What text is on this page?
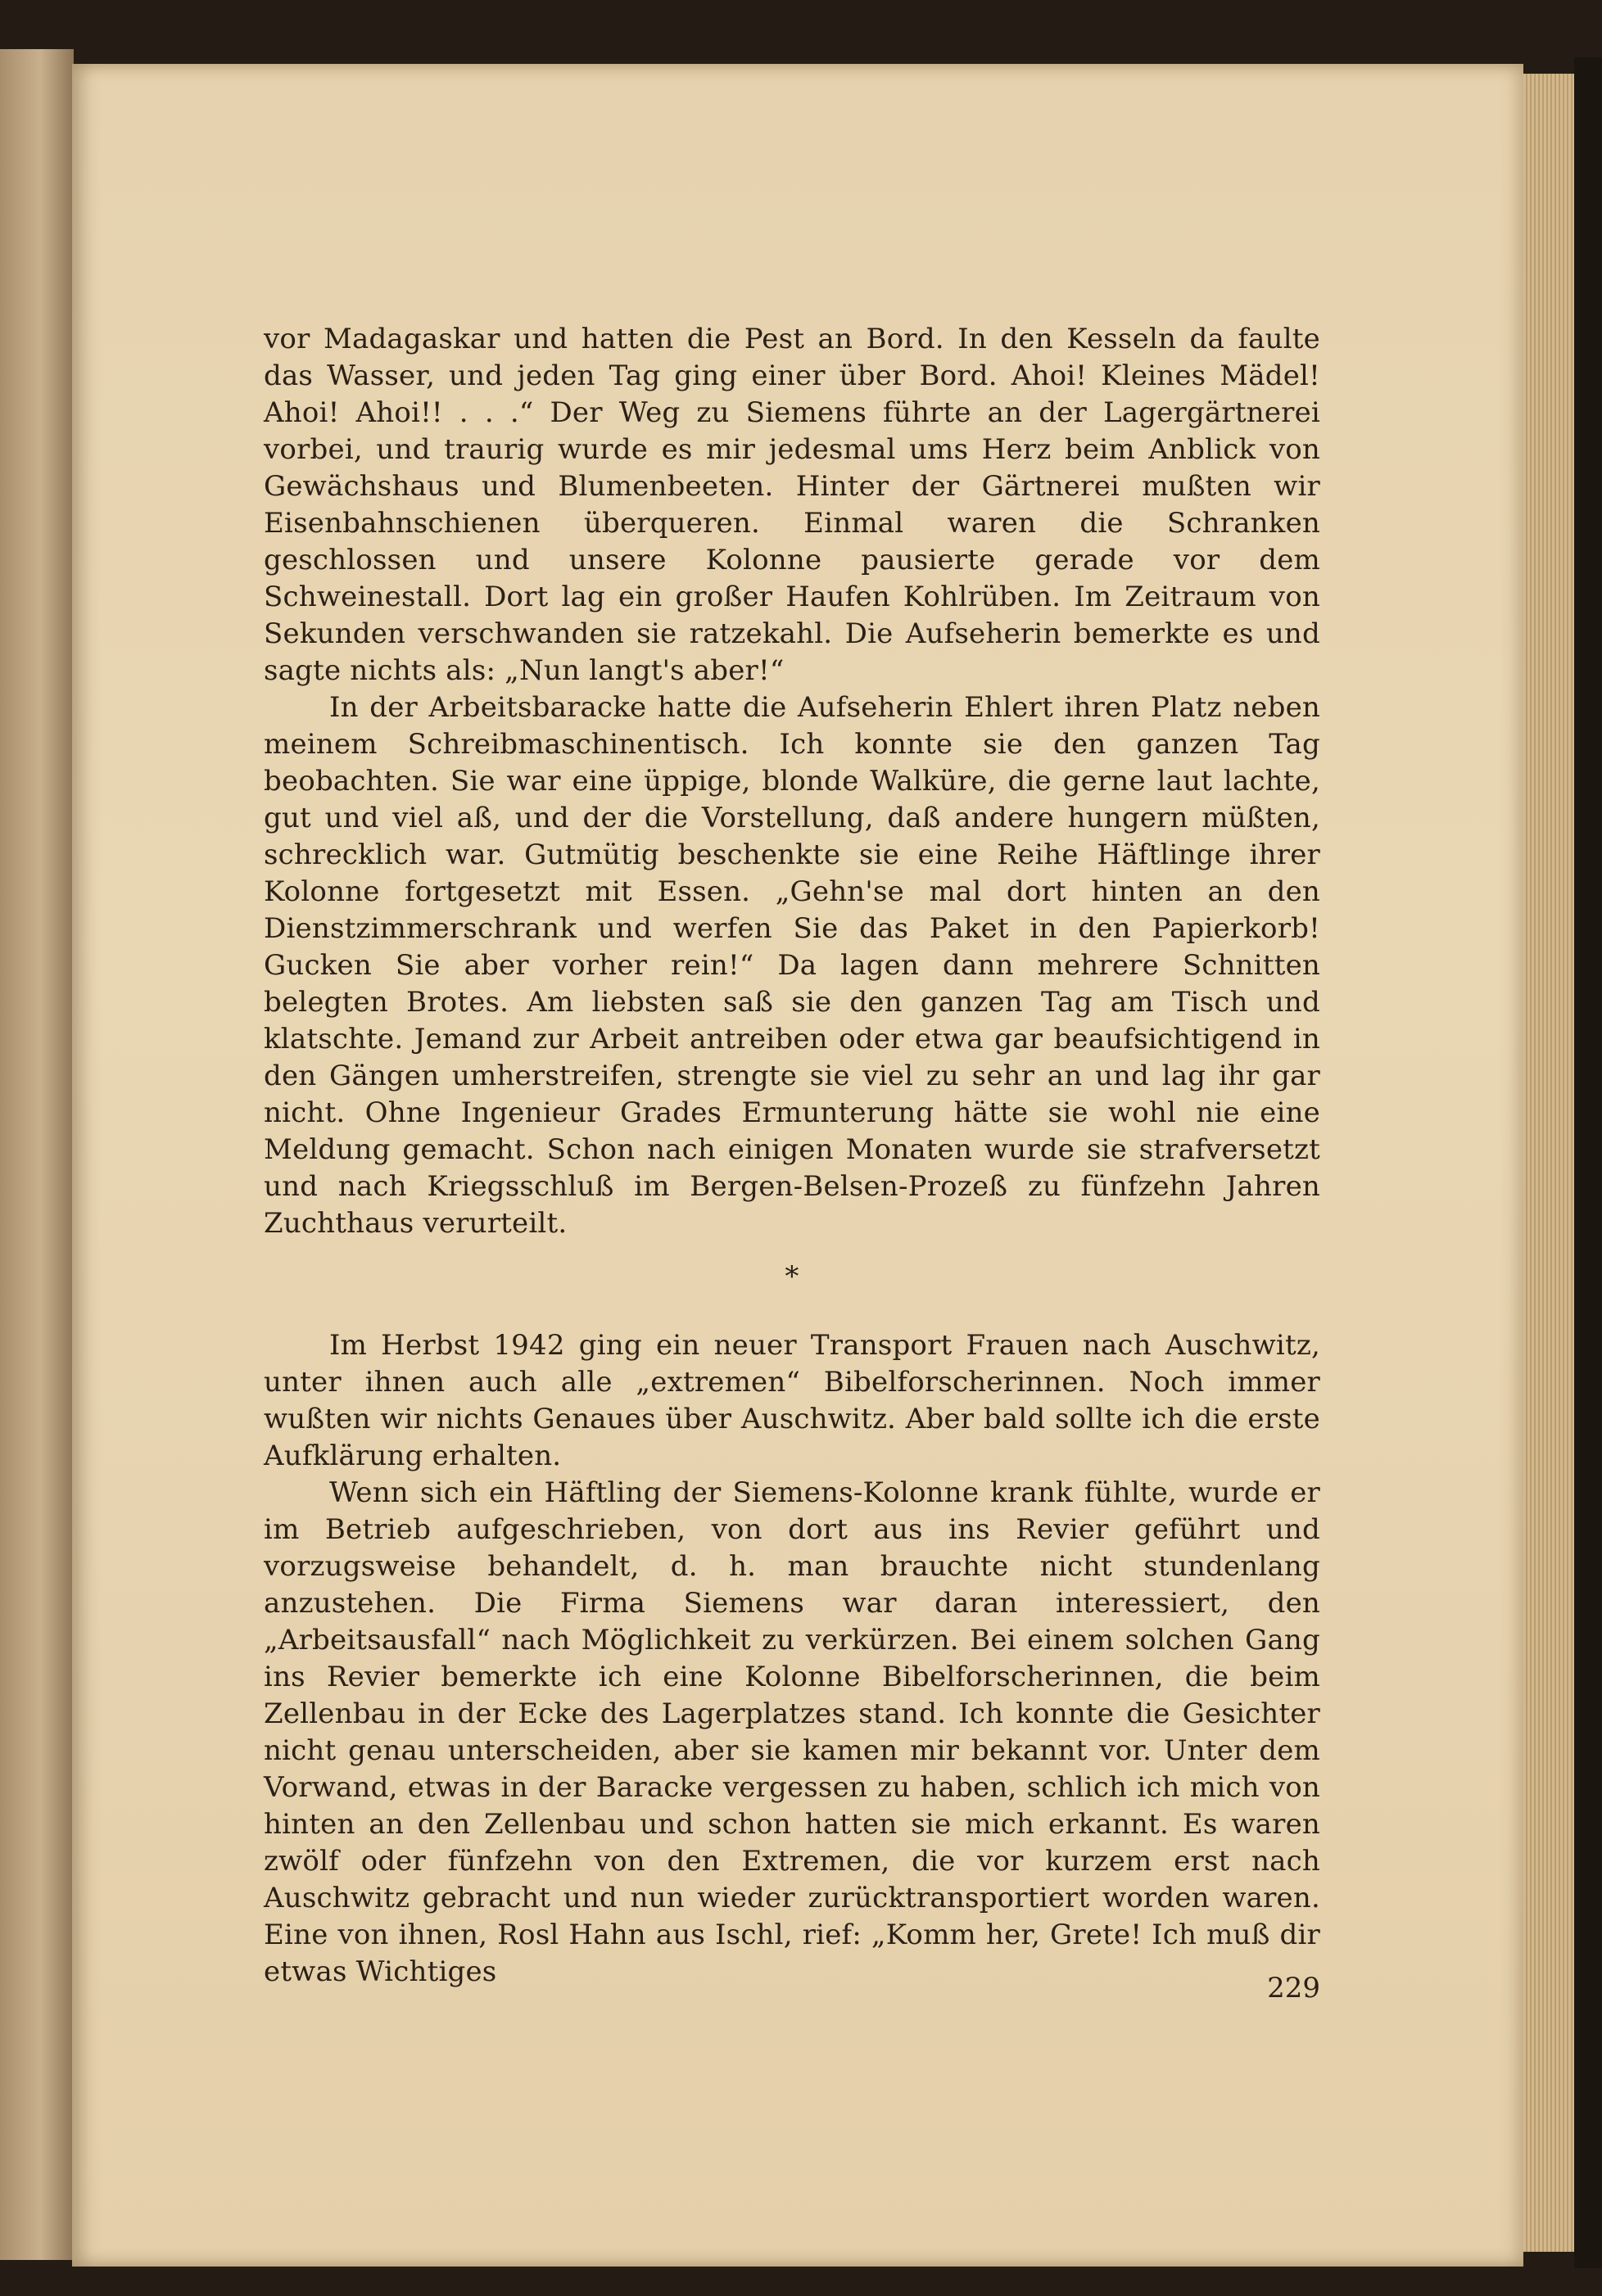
vor Madagaskar und hatten die Pest an Bord. In den Kesseln da faulte das Wasser, und jeden Tag ging einer über Bord. Ahoi! Kleines Mädel! Ahoi! Ahoi!! . . .“ Der Weg zu Siemens führte an der Lagergärtnerei vorbei, und traurig wurde es mir jedesmal ums Herz beim Anblick von Gewächshaus und Blumenbeeten. Hinter der Gärtnerei mußten wir Eisenbahnschienen überqueren. Einmal waren die Schranken geschlossen und unsere Kolonne pausierte gerade vor dem Schweinestall. Dort lag ein großer Haufen Kohlrüben. Im Zeitraum von Sekunden verschwanden sie ratzekahl. Die Aufseherin bemerkte es und sagte nichts als: „Nun langt's aber!“

In der Arbeitsbaracke hatte die Aufseherin Ehlert ihren Platz neben meinem Schreibmaschinentisch. Ich konnte sie den ganzen Tag beobachten. Sie war eine üppige, blonde Walküre, die gerne laut lachte, gut und viel aß, und der die Vorstellung, daß andere hungern müßten, schrecklich war. Gutmütig beschenkte sie eine Reihe Häftlinge ihrer Kolonne fortgesetzt mit Essen. „Gehn'se mal dort hinten an den Dienstzimmerschrank und werfen Sie das Paket in den Papierkorb! Gucken Sie aber vorher rein!“ Da lagen dann mehrere Schnitten belegten Brotes. Am liebsten saß sie den ganzen Tag am Tisch und klatschte. Jemand zur Arbeit antreiben oder etwa gar beaufsichtigend in den Gängen umherstreifen, strengte sie viel zu sehr an und lag ihr gar nicht. Ohne Ingenieur Grades Ermunterung hätte sie wohl nie eine Meldung gemacht. Schon nach einigen Monaten wurde sie strafversetzt und nach Kriegsschluß im Bergen-Belsen-Prozeß zu fünfzehn Jahren Zuchthaus verurteilt.

*

Im Herbst 1942 ging ein neuer Transport Frauen nach Auschwitz, unter ihnen auch alle „extremen“ Bibelforscherinnen. Noch immer wußten wir nichts Genaues über Auschwitz. Aber bald sollte ich die erste Aufklärung erhalten.

Wenn sich ein Häftling der Siemens-Kolonne krank fühlte, wurde er im Betrieb aufgeschrieben, von dort aus ins Revier geführt und vorzugsweise behandelt, d. h. man brauchte nicht stundenlang anzustehen. Die Firma Siemens war daran interessiert, den „Arbeitsausfall“ nach Möglichkeit zu verkürzen. Bei einem solchen Gang ins Revier bemerkte ich eine Kolonne Bibelforscherinnen, die beim Zellenbau in der Ecke des Lagerplatzes stand. Ich konnte die Gesichter nicht genau unterscheiden, aber sie kamen mir bekannt vor. Unter dem Vorwand, etwas in der Baracke vergessen zu haben, schlich ich mich von hinten an den Zellenbau und schon hatten sie mich erkannt. Es waren zwölf oder fünfzehn von den Extremen, die vor kurzem erst nach Auschwitz gebracht und nun wieder zurücktransportiert worden waren. Eine von ihnen, Rosl Hahn aus Ischl, rief: „Komm her, Grete! Ich muß dir etwas Wichtiges	229
